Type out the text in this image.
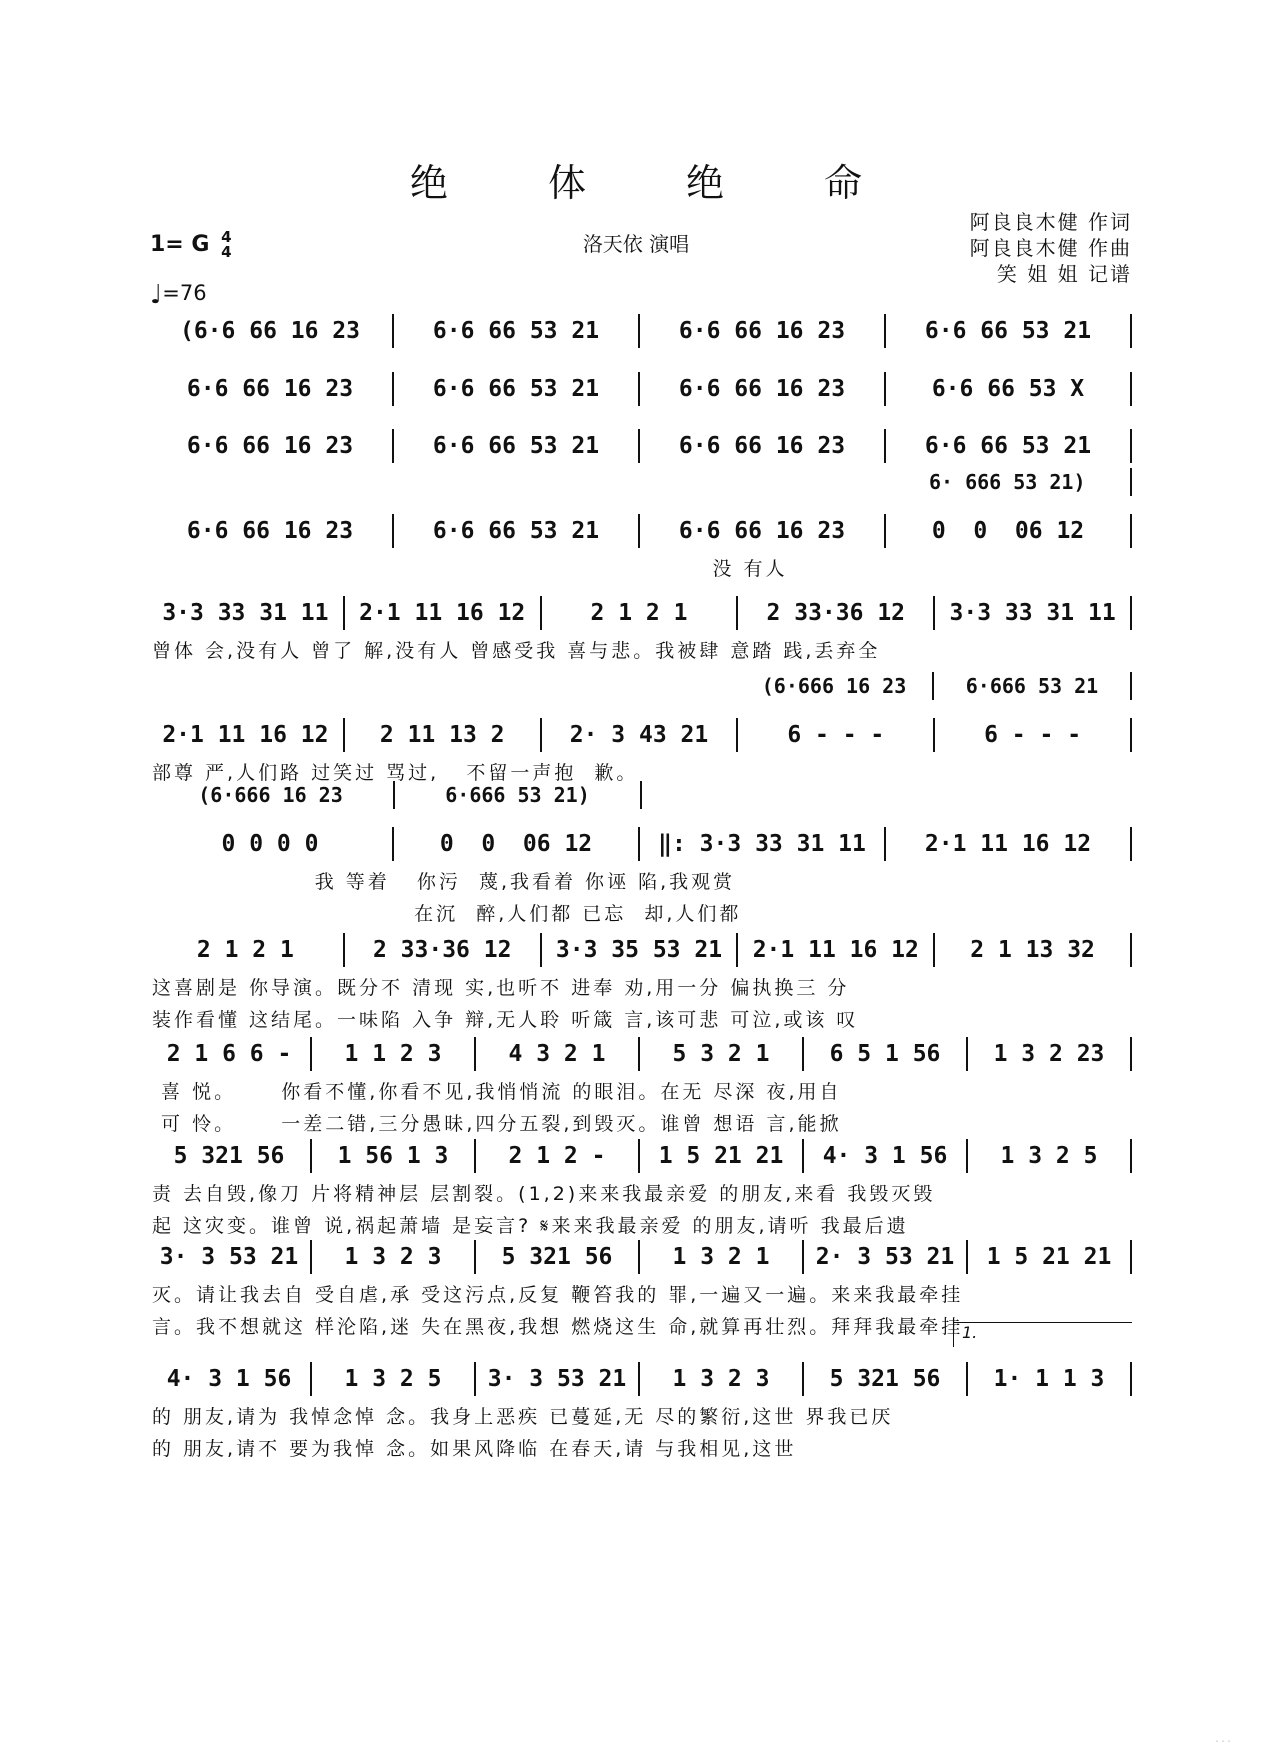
绝 体 绝 命
1= G 4
4
♩=76
洛天依 演唱
阿良良木健 作词
阿良良木健 作曲
笑 姐 姐 记谱
(6·6 66 16 23	6·6 66 53 21	6·6 66 16 23	6·6 66 53 21
6·6 66 16 23	6·6 66 53 21	6·6 66 16 23	6·6 66 53 X
6·6 66 16 23	6·6 66 53 21	6·6 66 16 23	6·6 66 53 21
6· 666 53 21)
6·6 66 16 23	6·6 66 53 21	6·6 66 16 23	0  0  06 12
没 有人
3·3 33 31 11	2·1 11 16 12	2 1 2 1	2 33·36 12	3·3 33 31 11
曾体 会,没有人 曾了 解,没有人 曾感受我 喜与悲。我被肆 意踏 践,丢弃全
(6·666 16 23	6·666 53 21
2·1 11 16 12	2 11 13 2	2· 3 43 21	6 - - -	6 - - -
部尊 严,人们路 过笑过 骂过,   不留一声抱  歉。
(6·666 16 23	6·666 53 21)
0 0 0 0	0  0  06 12	‖: 3·3 33 31 11	2·1 11 16 12
我 等着   你污  蔑,我看着 你诬 陷,我观赏
在沉  醉,人们都 已忘  却,人们都
2 1 2 1	2 33·36 12	3·3 35 53 21	2·1 11 16 12	2 1 13 32
这喜剧是 你导演。既分不 清现 实,也听不 进奉 劝,用一分 偏执换三 分
装作看懂 这结尾。一味陷 入争 辩,无人聆 听箴 言,该可悲 可泣,或该 叹
2 1 6 6 -	1 1 2 3	4 3 2 1	5 3 2 1	6 5 1 56	1 3 2 23
喜 悦。     你看不懂,你看不见,我悄悄流 的眼泪。在无 尽深 夜,用自
可 怜。     一差二错,三分愚昧,四分五裂,到毁灭。谁曾 想语 言,能掀
5 321 56	1 56 1 3	2 1 2 -	1 5 21 21	4· 3 1 56	1 3 2 5
责 去自毁,像刀 片将精神层 层割裂。(1,2)来来我最亲爱 的朋友,来看 我毁灭毁
起 这灾变。谁曾 说,祸起萧墙 是妄言? 𝄋来来我最亲爱 的朋友,请听 我最后遗
3· 3 53 21	1 3 2 3	5 321 56	1 3 2 1	2· 3 53 21	1 5 21 21
灭。请让我去自 受自虐,承 受这污点,反复 鞭笞我的 罪,一遍又一遍。来来我最牵挂
言。我不想就这 样沦陷,迷 失在黑夜,我想 燃烧这生 命,就算再壮烈。拜拜我最牵挂
4· 3 1 56	1 3 2 5	3· 3 53 21	1 3 2 3	5 321 56	1· 1 1 3
1.
的 朋友,请为 我悼念悼 念。我身上恶疾 已蔓延,无 尽的繁衍,这世 界我已厌
的 朋友,请不 要为我悼 念。如果风降临 在春天,请 与我相见,这世
...
